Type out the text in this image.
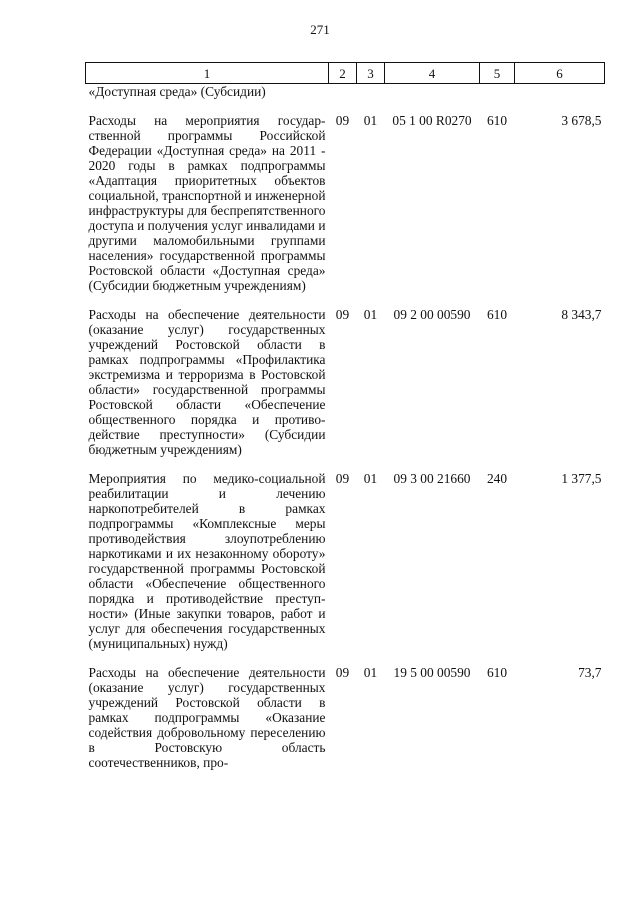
271
1	2	3	4	5	6
«Доступная среда» (Субсидии)					
Расходы на мероприятия государственной программы Российской Федерации «Доступная среда» на 2011 - 2020 годы в рамках подпрограммы «Адаптация приоритетных объектов социальной, транспортной и инженерной инфраструктуры для беспрепятственного доступа и получения услуг инвалидами и другими маломобильными группами населения» государственной программы Ростовской области «Доступная среда» (Субсидии бюджетным учреждениям)	09	01	05 1 00 R0270	610	3 678,5
Расходы на обеспечение деятельности (оказание услуг) государственных учреждений Ростовской области в рамках подпрограммы «Профилактика экстремизма и терроризма в Ростовской области» государственной программы Ростовской области «Обеспечение общественного порядка и противодействие преступности» (Субсидии бюджетным учреждениям)	09	01	09 2 00 00590	610	8 343,7
Мероприятия по медико-социальной реабилитации и лечению наркопотребителей в рамках подпрограммы «Комплексные меры противодействия злоупотреблению наркотиками и их незаконному обороту» государственной программы Ростовской области «Обеспечение общественного порядка и противодействие преступности» (Иные закупки товаров, работ и услуг для обеспечения государственных (муниципальных) нужд)	09	01	09 3 00 21660	240	1 377,5
Расходы на обеспечение деятельности (оказание услуг) государственных учреждений Ростовской области в рамках подпрограммы «Оказание содействия добровольному переселению в Ростовскую область соотечественников, про-	09	01	19 5 00 00590	610	73,7
